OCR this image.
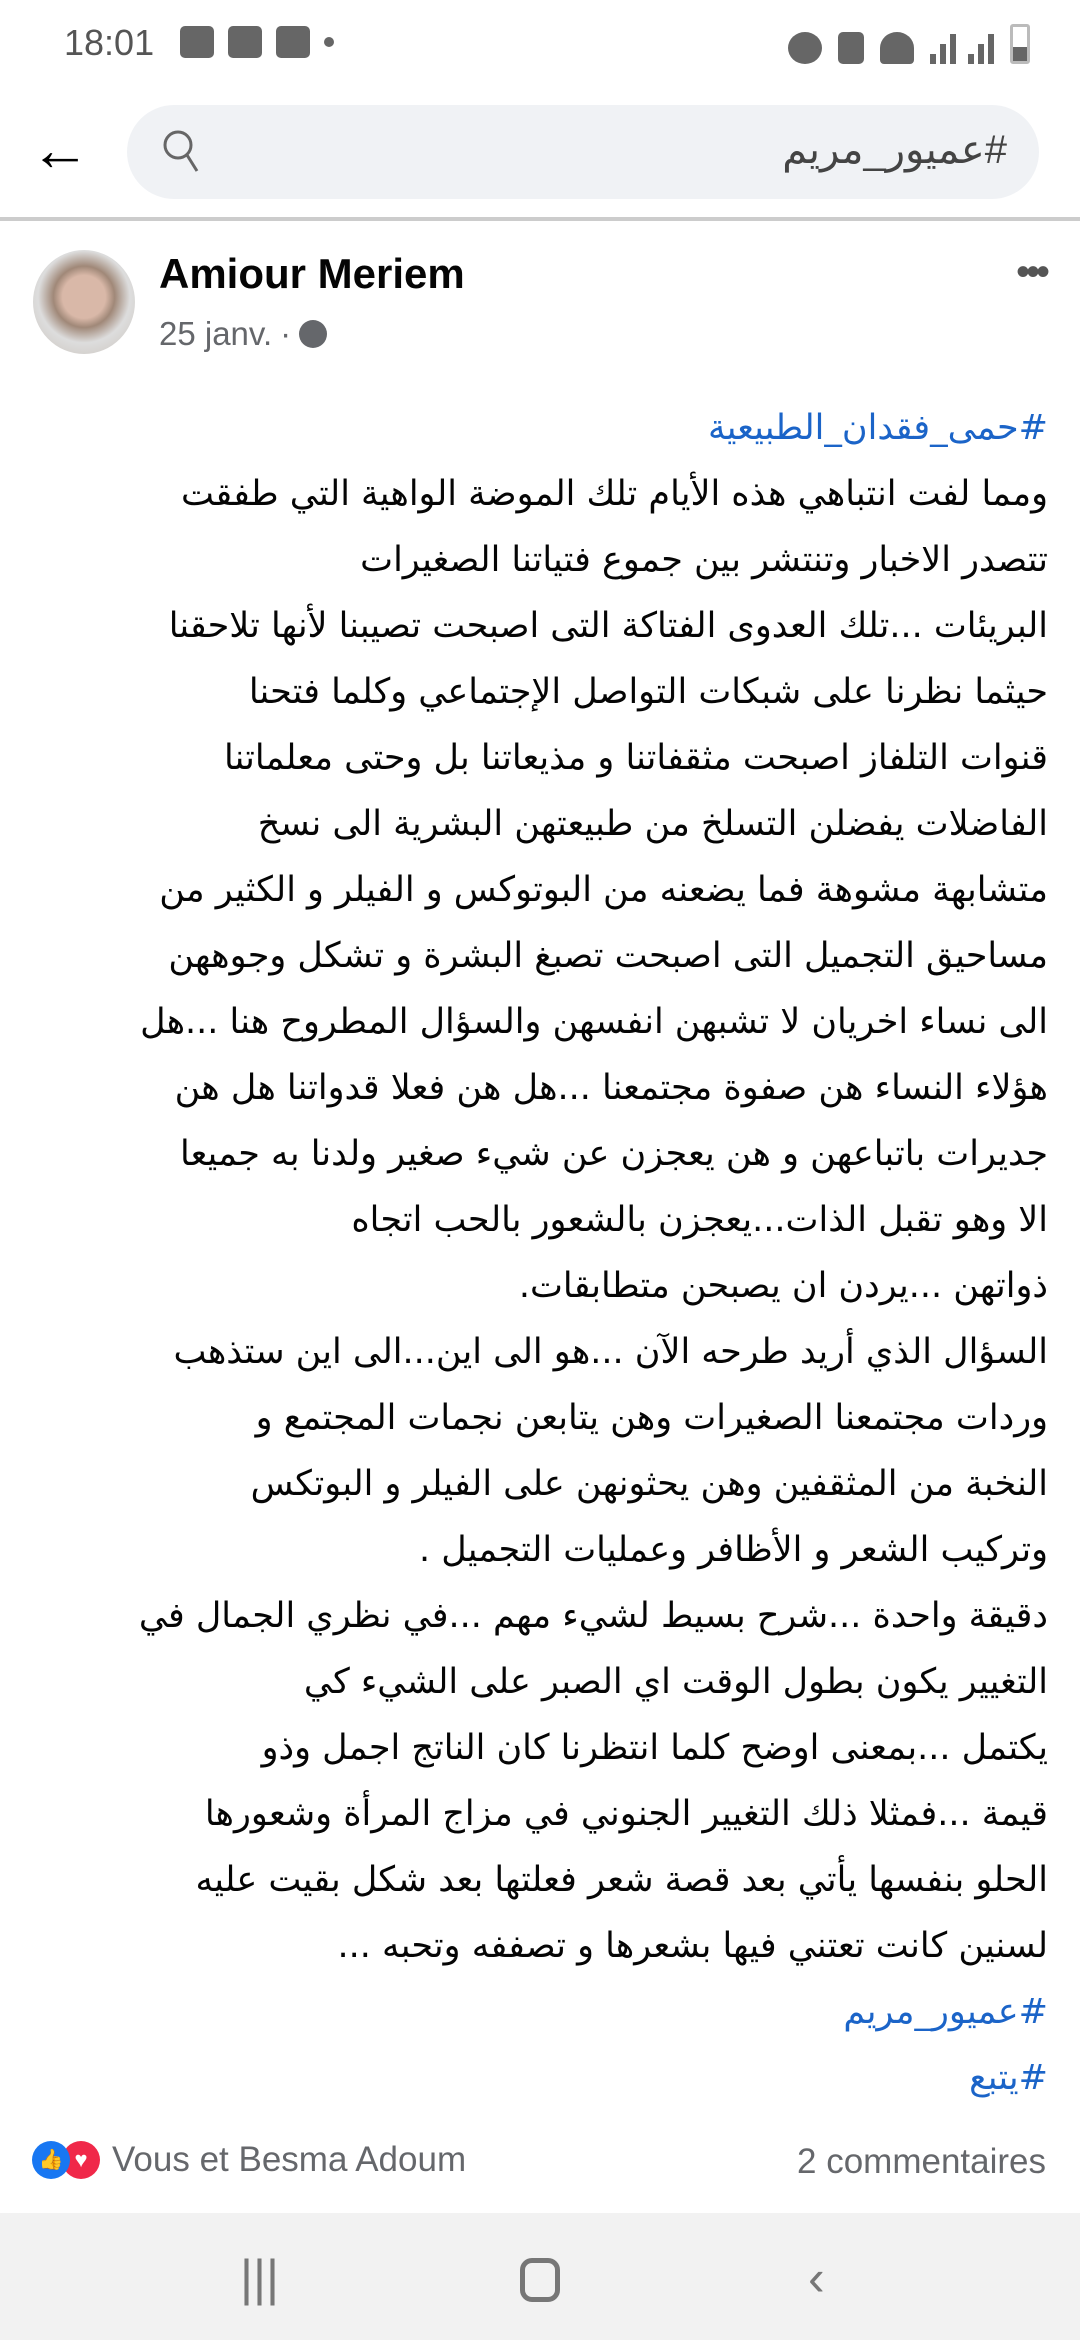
18:01
←	#عميور_مريم
Amiour Meriem
25 janv. ·
•••
#حمى_فقدان_الطبيعية
ومما لفت انتباهي هذه الأيام تلك الموضة الواهية التي طفقت
تتصدر الاخبار وتنتشر بين جموع فتياتنا الصغيرات
البريئات ...تلك العدوى الفتاكة التى اصبحت تصيبنا لأنها تلاحقنا
حيثما نظرنا على شبكات التواصل الإجتماعي وكلما فتحنا
قنوات التلفاز اصبحت مثقفاتنا و مذيعاتنا بل وحتى معلماتنا
الفاضلات يفضلن التسلخ من طبيعتهن البشرية الى نسخ
متشابهة مشوهة فما يضعنه من البوتوكس و الفيلر و الكثير من
مساحيق التجميل التى اصبحت تصبغ البشرة و تشكل وجوههن
الى نساء اخريان لا تشبهن انفسهن والسؤال المطروح هنا ...هل
هؤلاء النساء هن صفوة مجتمعنا ...هل هن فعلا قدواتنا هل هن
جديرات باتباعهن و هن يعجزن عن شيء صغير ولدنا به جميعا
الا وهو تقبل الذات...يعجزن بالشعور بالحب اتجاه
ذواتهن ...يردن ان يصبحن متطابقات.
السؤال الذي أريد طرحه الآن ...هو الى اين...الى اين ستذهب
وردات مجتمعنا الصغيرات وهن يتابعن نجمات المجتمع و
النخبة من المثقفين وهن يحثونهن على الفيلر و البوتكس
وتركيب الشعر و الأظافر وعمليات التجميل .
دقيقة واحدة ...شرح بسيط لشيء مهم ...في نظري الجمال في
التغيير يكون بطول الوقت اي الصبر على الشيء كي
يكتمل ...بمعنى اوضح كلما انتظرنا كان الناتج اجمل وذو
قيمة ...فمثلا ذلك التغيير الجنوني في مزاج المرأة وشعورها
الحلو بنفسها يأتي بعد قصة شعر فعلتها بعد شكل بقيت عليه
لسنين كانت تعتني فيها بشعرها و تصففه وتحبه ...
#عميور_مريم
#يتبع
👍 ♥ Vous et Besma Adoum	2 commentaires
|||	‹
